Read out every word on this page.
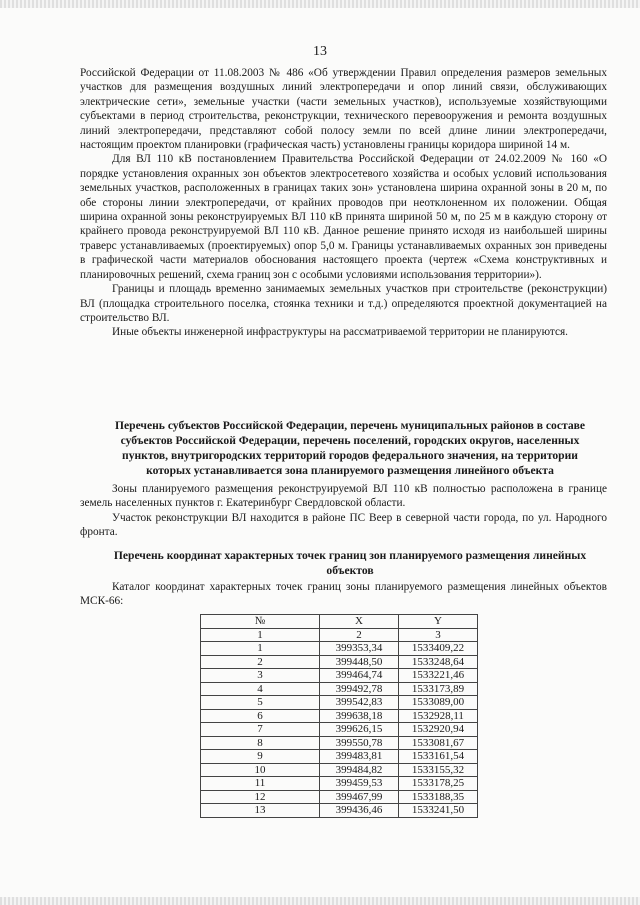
13

Российской Федерации от 11.08.2003 № 486 «Об утверждении Правил определения размеров земельных участков для размещения воздушных линий электропередачи и опор линий связи, обслуживающих электрические сети», земельные участки (части земельных участков), используемые хозяйствующими субъектами в период строительства, реконструкции, технического перевооружения и ремонта воздушных линий электропередачи, представляют собой полосу земли по всей длине линии электропередачи, настоящим проектом планировки (графическая часть) установлены границы коридора шириной 14 м.

Для ВЛ 110 кВ постановлением Правительства Российской Федерации от 24.02.2009 № 160 «О порядке установления охранных зон объектов электросетевого хозяйства и особых условий использования земельных участков, расположенных в границах таких зон» установлена ширина охранной зоны в 20 м, по обе стороны линии электропередачи, от крайних проводов при неотклоненном их положении. Общая ширина охранной зоны реконструируемых ВЛ 110 кВ принята шириной 50 м, по 25 м в каждую сторону от крайнего провода реконструируемой ВЛ 110 кВ. Данное решение принято исходя из наибольшей ширины траверс устанавливаемых (проектируемых) опор 5,0 м. Границы устанавливаемых охранных зон приведены в графической части материалов обоснования настоящего проекта (чертеж «Схема конструктивных и планировочных решений, схема границ зон с особыми условиями использования территории»).

Границы и площадь временно занимаемых земельных участков при строительстве (реконструкции) ВЛ (площадка строительного поселка, стоянка техники и т.д.) определяются проектной документацией на строительство ВЛ.

Иные объекты инженерной инфраструктуры на рассматриваемой территории не планируются.

Перечень субъектов Российской Федерации, перечень муниципальных районов в составе субъектов Российской Федерации, перечень поселений, городских округов, населенных пунктов, внутригородских территорий городов федерального значения, на территории которых устанавливается зона планируемого размещения линейного объекта

Зоны планируемого размещения реконструируемой ВЛ 110 кВ полностью расположена в границе земель населенных пунктов г. Екатеринбург Свердловской области.

Участок реконструкции ВЛ находится в районе ПС Веер в северной части города, по ул. Народного фронта.

Перечень координат характерных точек границ зон планируемого размещения линейных объектов

Каталог координат характерных точек границ зоны планируемого размещения линейных объектов МСК-66:

№	X	Y
1	2	3
1	399353,34	1533409,22
2	399448,50	1533248,64
3	399464,74	1533221,46
4	399492,78	1533173,89
5	399542,83	1533089,00
6	399638,18	1532928,11
7	399626,15	1532920,94
8	399550,78	1533081,67
9	399483,81	1533161,54
10	399484,82	1533155,32
11	399459,53	1533178,25
12	399467,99	1533188,35
13	399436,46	1533241,50
